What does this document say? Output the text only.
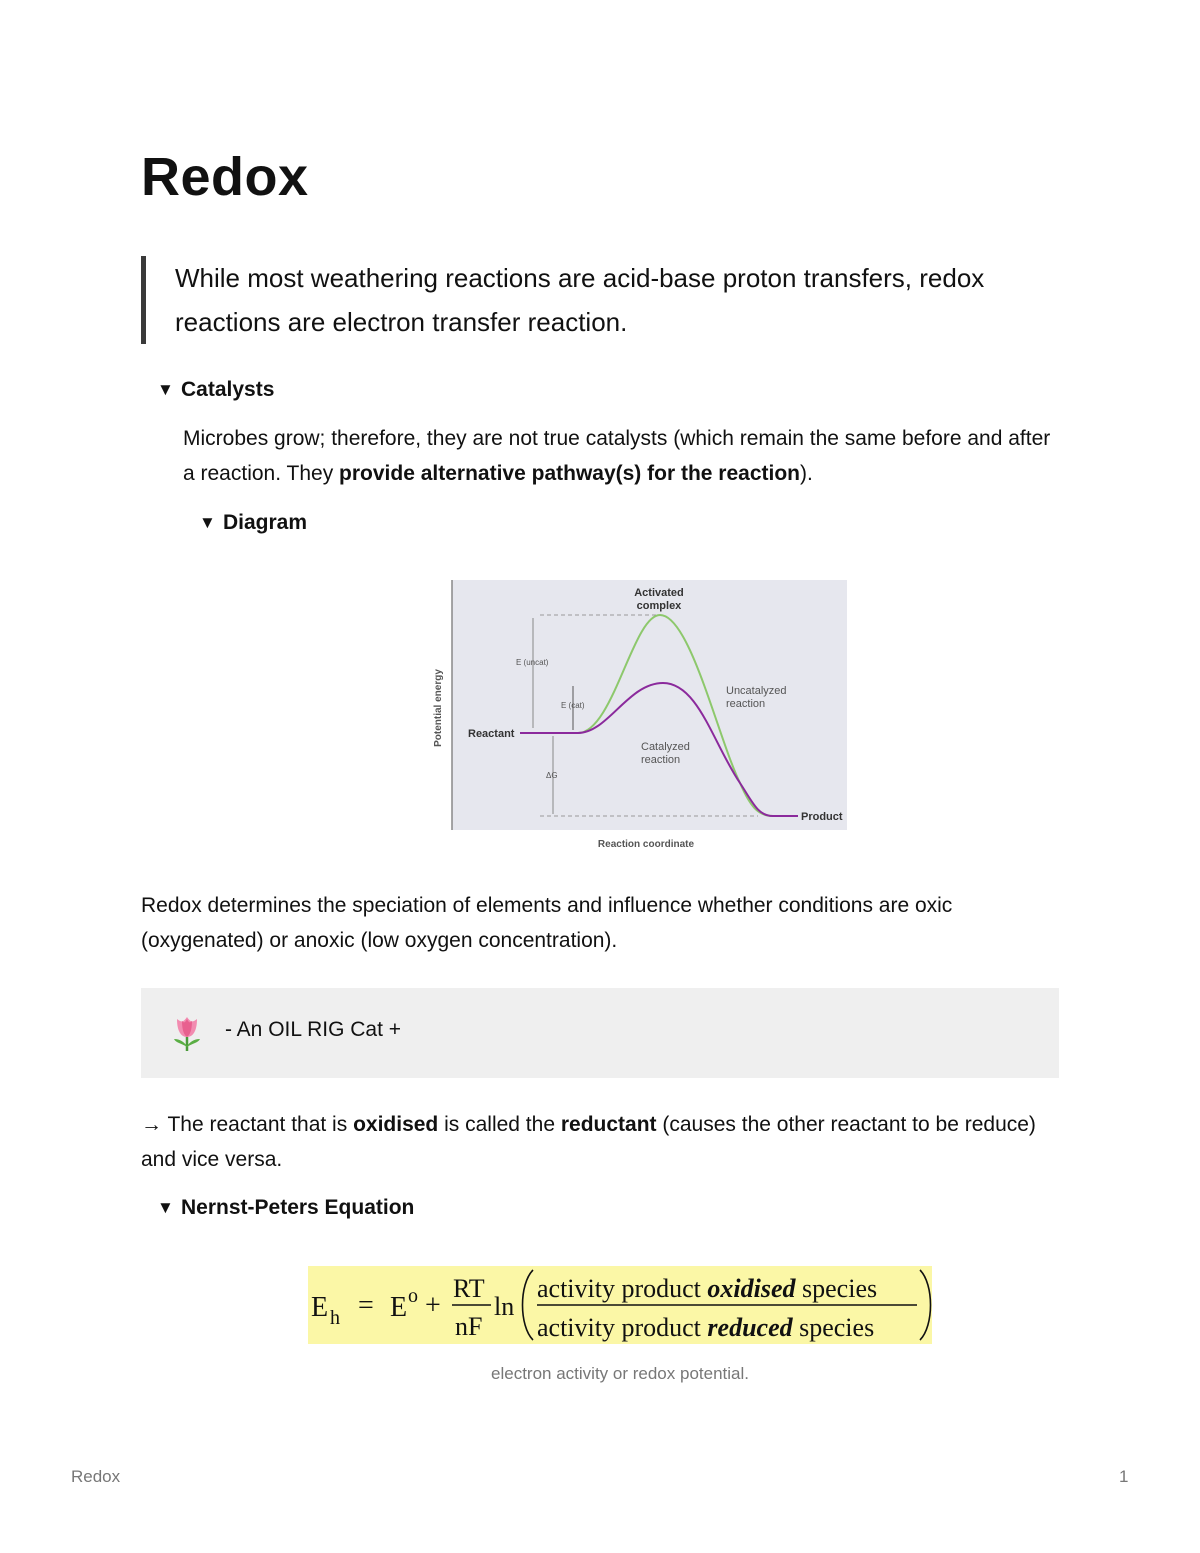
Redox
While most weathering reactions are acid-base proton transfers, redox reactions are electron transfer reaction.
▼ Catalysts
Microbes grow; therefore, they are not true catalysts (which remain the same before and after a reaction. They provide alternative pathway(s) for the reaction).
▼ Diagram
Potential energy
Reaction coordinate
Activated
complex
E (uncat)
E (cat)
ΔG
Reactant
Product
Uncatalyzed
reaction
Catalyzed
reaction
Redox determines the speciation of elements and influence whether conditions are oxic (oxygenated) or anoxic (low oxygen concentration).
- An OIL RIG Cat +
→ The reactant that is oxidised is called the reductant (causes the other reactant to be reduce) and vice versa.
▼ Nernst-Peters Equation
E h = E o +
RT
nF
ln
activity product oxidised species
activity product reduced species
electron activity or redox potential.
Redox	1
